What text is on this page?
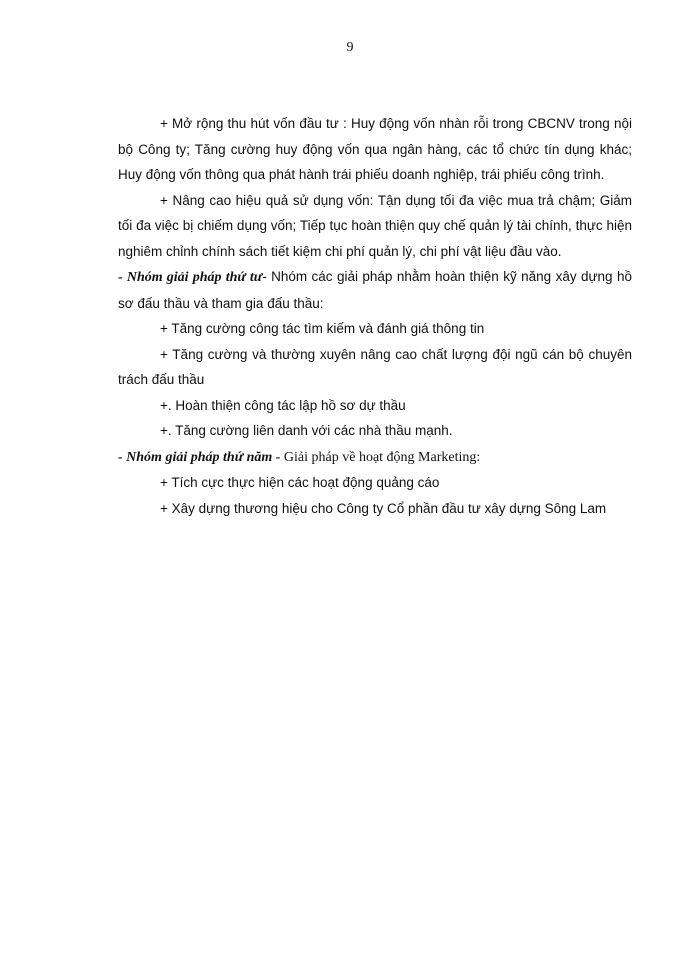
9

+ Mở rộng thu hút vốn đầu tư : Huy động vốn nhàn rỗi trong CBCNV trong nội bộ Công ty; Tăng cường huy động vốn qua ngân hàng, các tổ chức tín dụng khác; Huy động vốn thông qua phát hành trái phiếu doanh nghiệp, trái phiếu công trình.

+ Nâng cao hiệu quả sử dụng vốn: Tận dụng tối đa việc mua trả chậm; Giảm tối đa việc bị chiếm dụng vốn; Tiếp tục hoàn thiện quy chế quản lý tài chính, thực hiện nghiêm chỉnh chính sách tiết kiệm chi phí quản lý, chi phí vật liệu đầu vào.

- Nhóm giải pháp thứ tư- Nhóm các giải pháp nhằm hoàn thiện kỹ năng xây dựng hồ sơ đấu thầu và tham gia đấu thầu:

+ Tăng cường công tác tìm kiếm và đánh giá thông tin

+ Tăng cường và thường xuyên nâng cao chất lượng đội ngũ cán bộ chuyên trách đấu thầu

+. Hoàn thiện công tác lập hồ sơ dự thầu

+. Tăng cường liên danh với các nhà thầu mạnh.

- Nhóm giải pháp thứ năm - Giải pháp về hoạt động Marketing:

+ Tích cực thực hiện các hoạt động quảng cáo

+ Xây dựng thương hiệu cho Công ty Cổ phần đầu tư xây dựng Sông Lam
